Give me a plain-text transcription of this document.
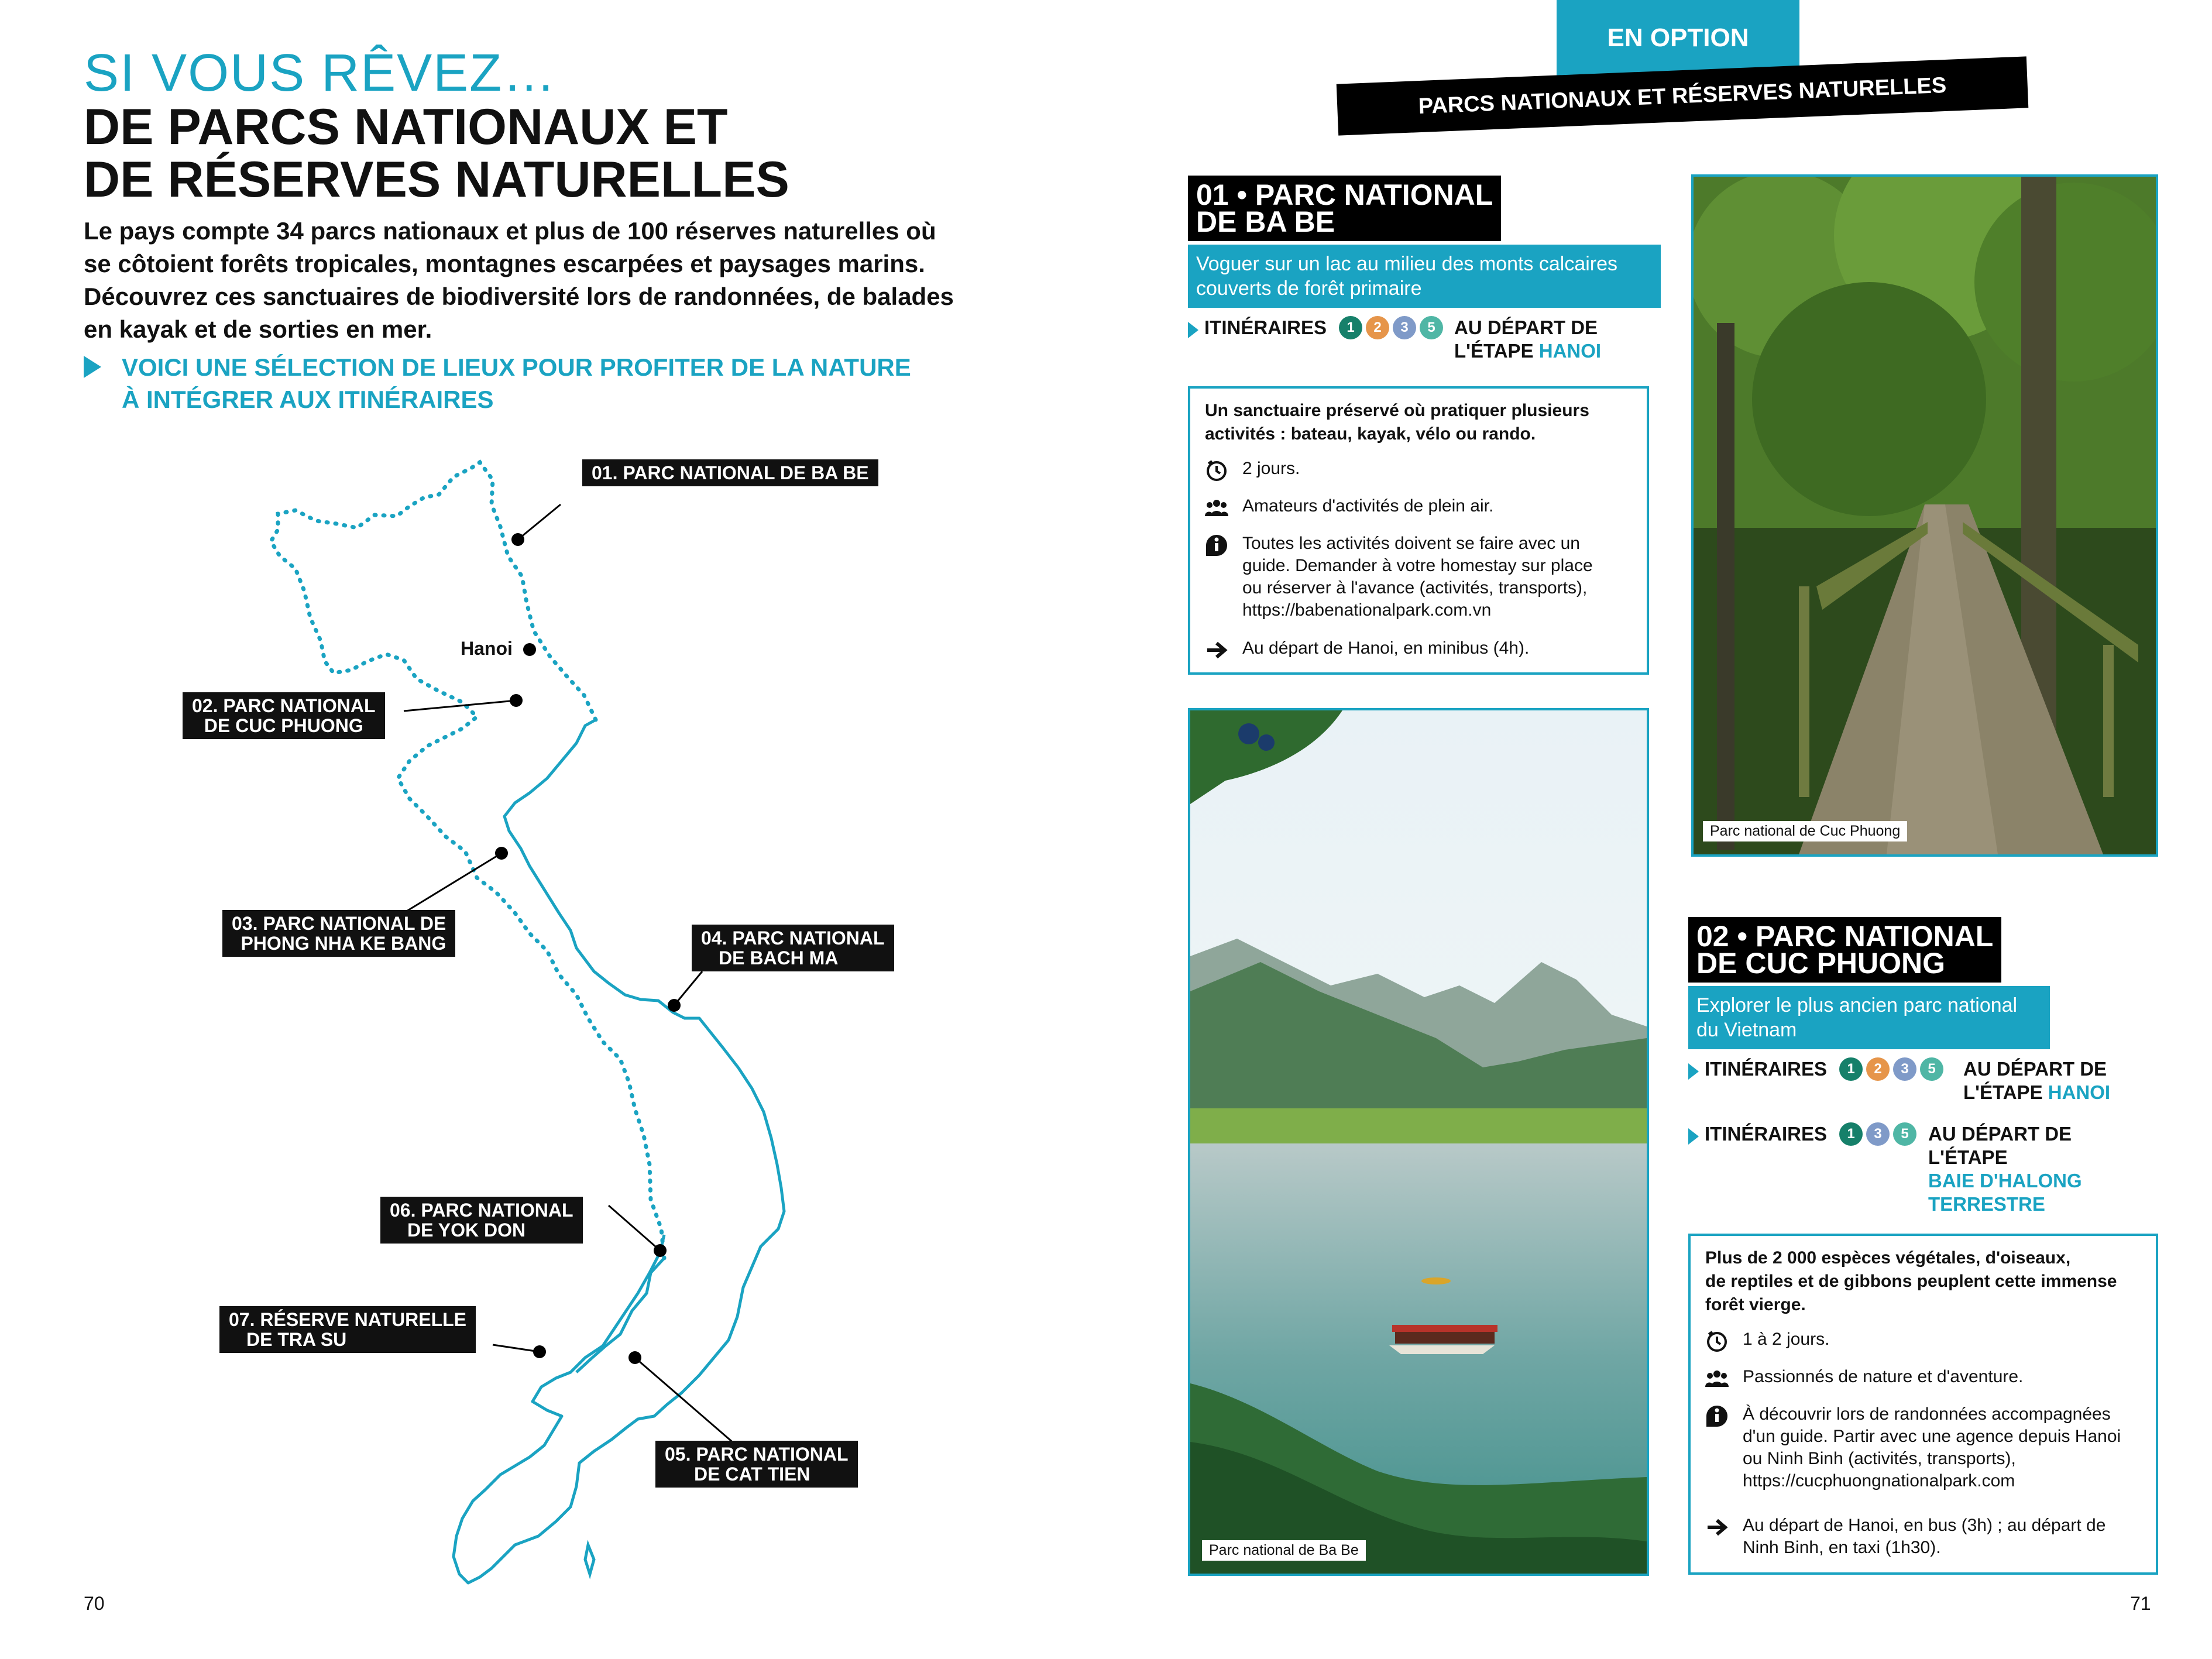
SI VOUS RÊVEZ…
DE PARCS NATIONAUX ET
DE RÉSERVES NATURELLES
Le pays compte 34 parcs nationaux et plus de 100 réserves naturelles où
se côtoient forêts tropicales, montagnes escarpées et paysages marins.
Découvrez ces sanctuaires de biodiversité lors de randonnées, de balades
en kayak et de sorties en mer.
VOICI UNE SÉLECTION DE LIEUX POUR PROFITER DE LA NATURE
À INTÉGRER AUX ITINÉRAIRES
Hanoi
01. PARC NATIONAL DE BA BE
02. PARC NATIONAL
DE CUC PHUONG
03. PARC NATIONAL DE
PHONG NHA KE BANG	04. PARC NATIONAL
DE BACH MA
06. PARC NATIONAL
DE YOK DON
07. RÉSERVE NATURELLE
DE TRA SU
05. PARC NATIONAL
DE CAT TIEN
70
EN OPTION
PARCS NATIONAUX ET RÉSERVES NATURELLES
01 • PARC NATIONAL
DE BA BE
Voguer sur un lac au milieu des monts calcaires
couverts de forêt primaire
ITINÉRAIRES	1 2 3 5 AU DÉPART DE
L'ÉTAPE HANOI
Un sanctuaire préservé où pratiquer plusieurs
activités : bateau, kayak, vélo ou rando.
2 jours.
Amateurs d'activités de plein air.
Toutes les activités doivent se faire avec un
guide. Demander à votre homestay sur place
ou réserver à l'avance (activités, transports),
https://babenationalpark.com.vn
Au départ de Hanoi, en minibus (4h).
Parc national de Ba Be
Parc national de Cuc Phuong
02 • PARC NATIONAL
DE CUC PHUONG
Explorer le plus ancien parc national
du Vietnam
ITINÉRAIRES	1 2 3 5	AU DÉPART DE
L'ÉTAPE HANOI
ITINÉRAIRES	1 3 5	AU DÉPART DE
L'ÉTAPE
BAIE D'HALONG
TERRESTRE
Plus de 2 000 espèces végétales, d'oiseaux,
de reptiles et de gibbons peuplent cette immense
forêt vierge.
1 à 2 jours.
Passionnés de nature et d'aventure.
À découvrir lors de randonnées accompagnées
d'un guide. Partir avec une agence depuis Hanoi
ou Ninh Binh (activités, transports),
https://cucphuongnationalpark.com
Au départ de Hanoi, en bus (3h) ; au départ de
Ninh Binh, en taxi (1h30).
71
